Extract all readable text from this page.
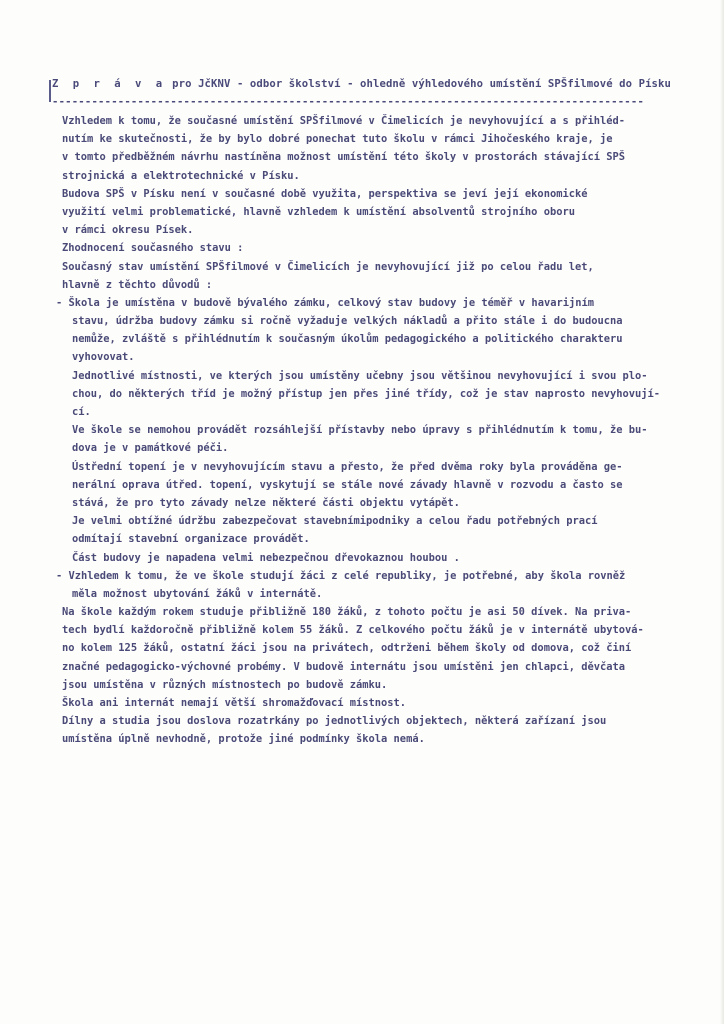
Z p r á v a pro JčKNV - odbor školství - ohledně výhledového umístění SPŠfilmové do Písku
------------------------------------------------------------------------------------------
Vzhledem k tomu, že současné umístění SPŠfilmové v Čimelicích je nevyhovující a s přihléd-
nutím ke skutečnosti, že by bylo dobré ponechat tuto školu v rámci Jihočeského kraje, je
v tomto předběžném návrhu nastíněna možnost umístění této školy v prostorách stávající SPŠ
strojnická a elektrotechnické v Písku.
Budova SPŠ v Písku není v současné době využita, perspektiva se jeví její ekonomické
využití velmi problematické, hlavně vzhledem k umístění absolventů strojního oboru
v rámci okresu Písek.
Zhodnocení současného stavu :
Současný stav umístění SPŠfilmové v Čimelicích je nevyhovující již po celou řadu let,
hlavně z těchto důvodů :
- Škola je umístěna v budově bývalého zámku, celkový stav budovy je téměř v havarijním
stavu, údržba budovy zámku si ročně vyžaduje velkých nákladů a přito stále i do budoucna
nemůže, zvláště s přihlédnutím k současným úkolům pedagogického a politického charakteru
vyhovovat.
Jednotlivé místnosti, ve kterých jsou umístěny učebny jsou většinou nevyhovující i svou plo-
chou, do některých tříd je možný přístup jen přes jiné třídy, což je stav naprosto nevyhovují-
cí.
Ve škole se nemohou provádět rozsáhlejší přístavby nebo úpravy s přihlédnutím k tomu, že bu-
dova je v památkové péči.
Ústřední topení je v nevyhovujícím stavu a přesto, že před dvěma roky byla prováděna ge-
nerální oprava útřed. topení, vyskytují se stále nové závady hlavně v rozvodu a často se
stává, že pro tyto závady nelze některé části objektu vytápět.
Je velmi obtížné údržbu zabezpečovat stavebnímipodniky a celou řadu potřebných prací
odmítají stavební organizace provádět.
Část budovy je napadena velmi nebezpečnou dřevokaznou houbou .
- Vzhledem k tomu, že ve škole studují žáci z celé republiky, je potřebné, aby škola rovněž
měla možnost ubytování žáků v internátě.
Na škole každým rokem studuje přibližně 180 žáků, z tohoto počtu je asi 50 dívek. Na priva-
tech bydlí každoročně přibližně kolem 55 žáků. Z celkového počtu žáků je v internátě ubytová-
no kolem 125 žáků, ostatní žáci jsou na privátech, odtrženi během školy od domova, což činí
značné pedagogicko-výchovné probémy. V budově internátu jsou umístěni jen chlapci, děvčata
jsou umístěna v různých místnostech po budově zámku.
Škola ani internát nemají větší shromažďovací místnost.
Dílny a studia jsou doslova rozatrkány po jednotlivých objektech, některá zařízaní jsou
umístěna úplně nevhodně, protože jiné podmínky škola nemá.
